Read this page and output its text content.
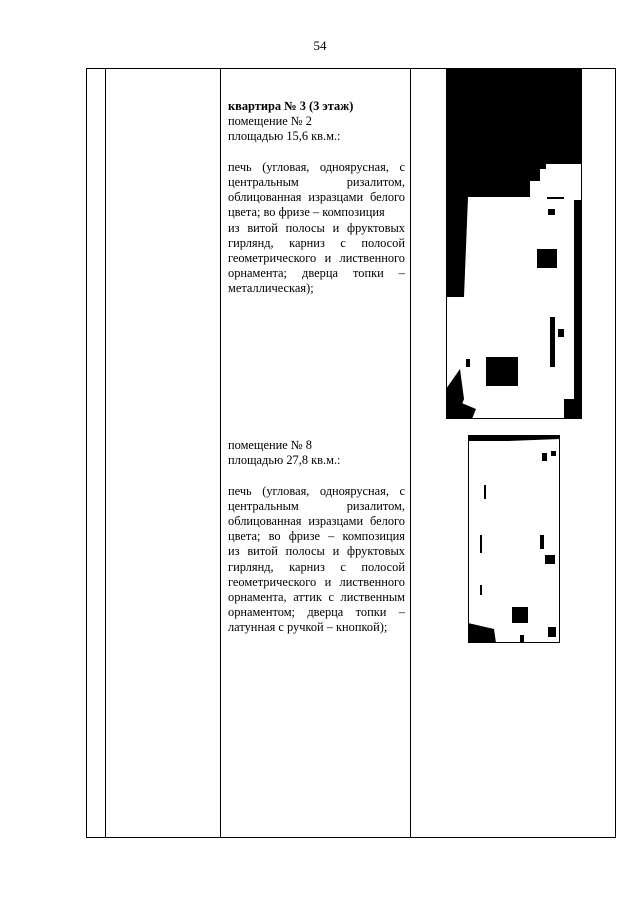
54
квартира № 3 (3 этаж)
помещение № 2
площадью 15,6 кв.м.:
печь (угловая, одноярусная, с
центральным ризалитом,
облицованная изразцами белого
цвета; во фризе – композиция
из витой полосы и фруктовых
гирлянд, карниз с полосой
геометрического и лиственного
орнамента; дверца топки –
металлическая);
помещение № 8
площадью 27,8 кв.м.:
печь (угловая, одноярусная, с
центральным ризалитом,
облицованная изразцами белого
цвета; во фризе – композиция
из витой полосы и фруктовых
гирлянд, карниз с полосой
геометрического и лиственного
орнамента, аттик с лиственным
орнаментом; дверца топки –
латунная с ручкой – кнопкой);
